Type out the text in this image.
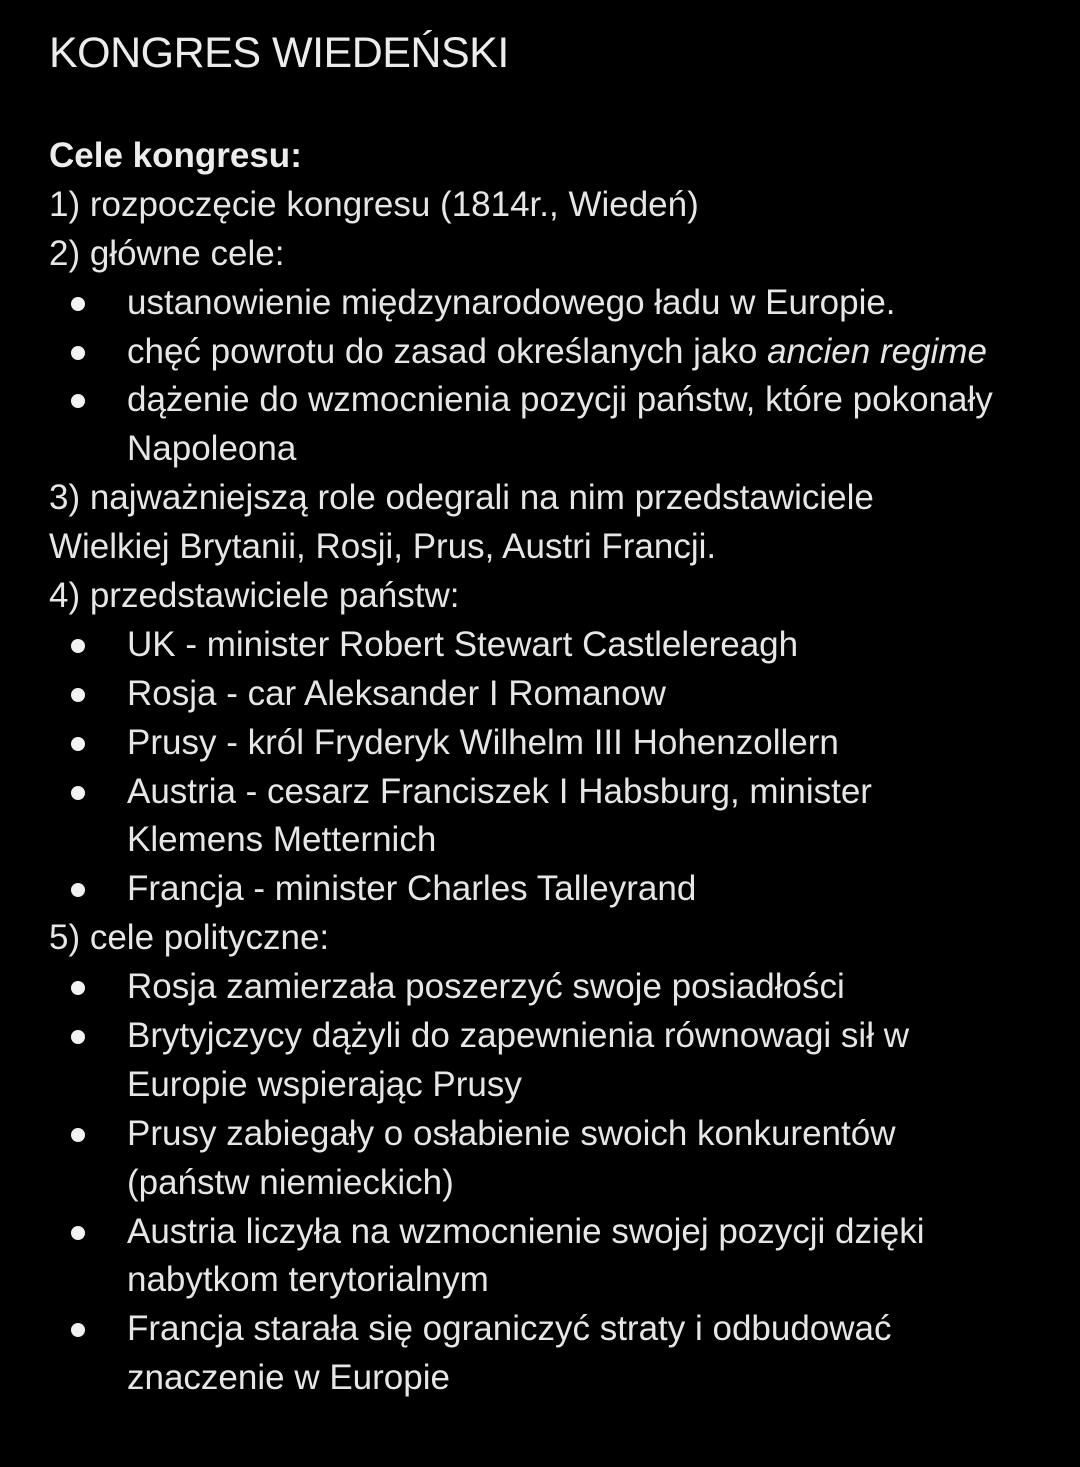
KONGRES WIEDEŃSKI
Cele kongresu:
1) rozpoczęcie kongresu (1814r., Wiedeń)
2) główne cele:
ustanowienie międzynarodowego ładu w Europie.
chęć powrotu do zasad określanych jako ancien regime
dążenie do wzmocnienia pozycji państw, które pokonały
Napoleona
3) najważniejszą role odegrali na nim przedstawiciele
Wielkiej Brytanii, Rosji, Prus, Austri Francji.
4) przedstawiciele państw:
UK - minister Robert Stewart Castlelereagh
Rosja - car Aleksander I Romanow
Prusy - król Fryderyk Wilhelm III Hohenzollern
Austria - cesarz Franciszek I Habsburg, minister
Klemens Metternich
Francja - minister Charles Talleyrand
5) cele polityczne:
Rosja zamierzała poszerzyć swoje posiadłości
Brytyjczycy dążyli do zapewnienia równowagi sił w
Europie wspierając Prusy
Prusy zabiegały o osłabienie swoich konkurentów
(państw niemieckich)
Austria liczyła na wzmocnienie swojej pozycji dzięki
nabytkom terytorialnym
Francja starała się ograniczyć straty i odbudować
znaczenie w Europie
